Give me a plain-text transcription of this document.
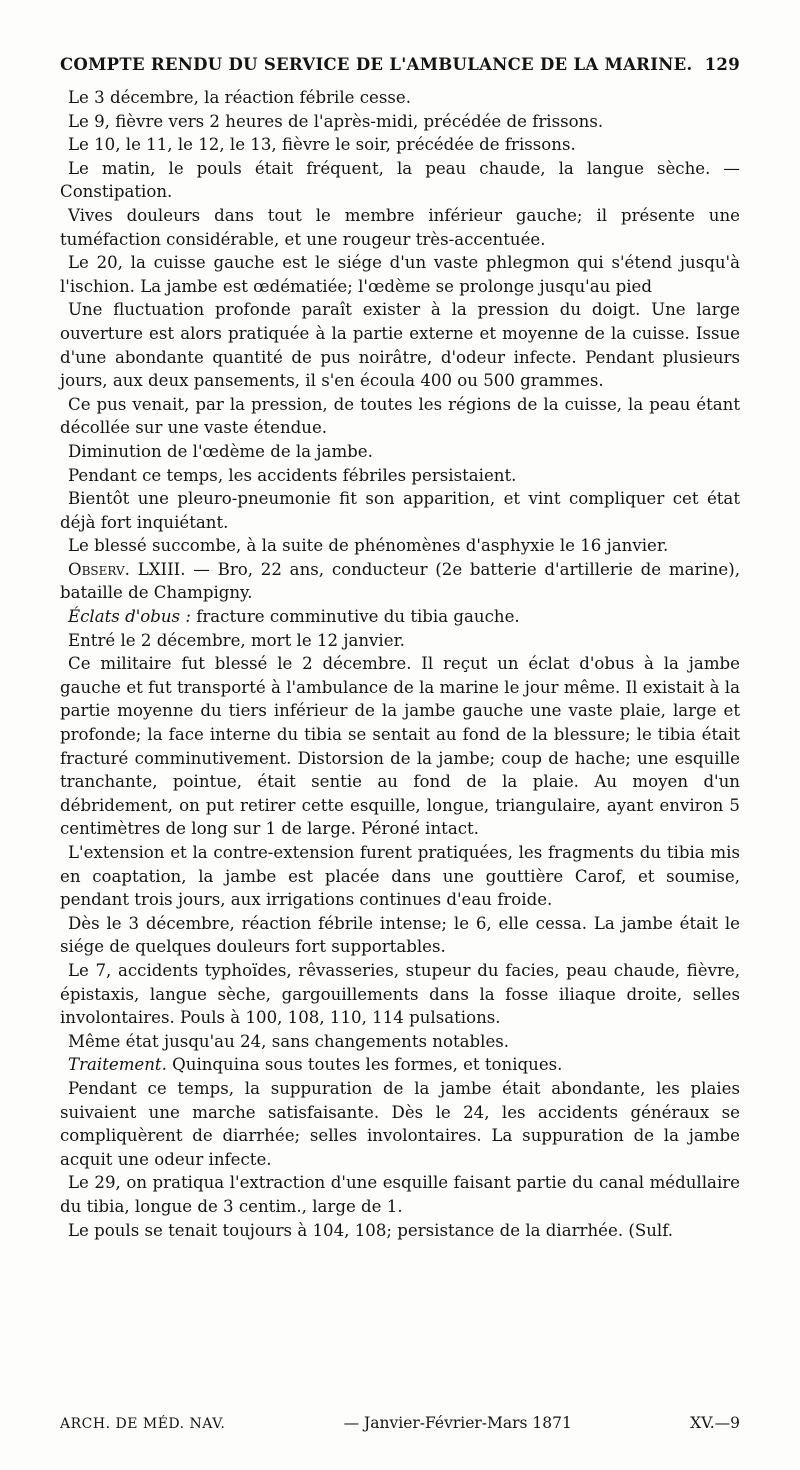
COMPTE RENDU DU SERVICE DE L'AMBULANCE DE LA MARINE. 129

Le 3 décembre, la réaction fébrile cesse.

Le 9, fièvre vers 2 heures de l'après-midi, précédée de frissons.

Le 10, le 11, le 12, le 13, fièvre le soir, précédée de frissons.

Le matin, le pouls était fréquent, la peau chaude, la langue sèche. — Constipation.

Vives douleurs dans tout le membre inférieur gauche; il présente une tuméfaction considérable, et une rougeur très-accentuée.

Le 20, la cuisse gauche est le siége d'un vaste phlegmon qui s'étend jusqu'à l'ischion. La jambe est œdématiée; l'œdème se prolonge jusqu'au pied

Une fluctuation profonde paraît exister à la pression du doigt. Une large ouverture est alors pratiquée à la partie externe et moyenne de la cuisse. Issue d'une abondante quantité de pus noirâtre, d'odeur infecte. Pendant plusieurs jours, aux deux pansements, il s'en écoula 400 ou 500 grammes.

Ce pus venait, par la pression, de toutes les régions de la cuisse, la peau étant décollée sur une vaste étendue.

Diminution de l'œdème de la jambe.

Pendant ce temps, les accidents fébriles persistaient.

Bientôt une pleuro-pneumonie fit son apparition, et vint compliquer cet état déjà fort inquiétant.

Le blessé succombe, à la suite de phénomènes d'asphyxie le 16 janvier.

Observ. LXIII. — Bro, 22 ans, conducteur (2e batterie d'artillerie de marine), bataille de Champigny.

Éclats d'obus : fracture comminutive du tibia gauche.

Entré le 2 décembre, mort le 12 janvier.

Ce militaire fut blessé le 2 décembre. Il reçut un éclat d'obus à la jambe gauche et fut transporté à l'ambulance de la marine le jour même. Il existait à la partie moyenne du tiers inférieur de la jambe gauche une vaste plaie, large et profonde; la face interne du tibia se sentait au fond de la blessure; le tibia était fracturé comminutivement. Distorsion de la jambe; coup de hache; une esquille tranchante, pointue, était sentie au fond de la plaie. Au moyen d'un débridement, on put retirer cette esquille, longue, triangulaire, ayant environ 5 centimètres de long sur 1 de large. Péroné intact.

L'extension et la contre-extension furent pratiquées, les fragments du tibia mis en coaptation, la jambe est placée dans une gouttière Carof, et soumise, pendant trois jours, aux irrigations continues d'eau froide.

Dès le 3 décembre, réaction fébrile intense; le 6, elle cessa. La jambe était le siége de quelques douleurs fort supportables.

Le 7, accidents typhoïdes, rêvasseries, stupeur du facies, peau chaude, fièvre, épistaxis, langue sèche, gargouillements dans la fosse iliaque droite, selles involontaires. Pouls à 100, 108, 110, 114 pulsations.

Même état jusqu'au 24, sans changements notables.

Traitement. Quinquina sous toutes les formes, et toniques.

Pendant ce temps, la suppuration de la jambe était abondante, les plaies suivaient une marche satisfaisante. Dès le 24, les accidents généraux se compliquèrent de diarrhée; selles involontaires. La suppuration de la jambe acquit une odeur infecte.

Le 29, on pratiqua l'extraction d'une esquille faisant partie du canal médullaire du tibia, longue de 3 centim., large de 1.

Le pouls se tenait toujours à 104, 108; persistance de la diarrhée. (Sulf.

ARCH. DE MÉD. NAV.	— Janvier-Février-Mars 1871	XV.—9
